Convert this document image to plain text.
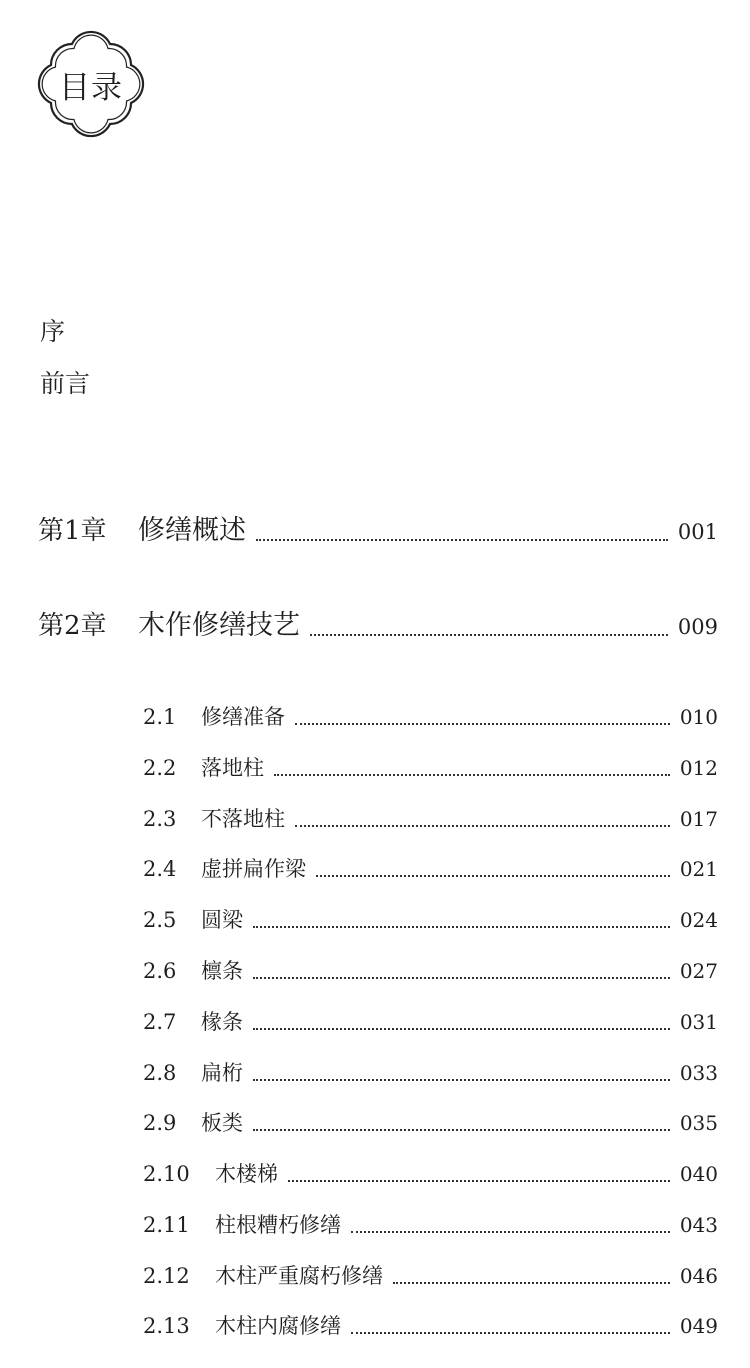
目录
序
前言
第1章	修缮概述	001
第2章	木作修缮技艺	009
2.1	修缮准备	010
2.2	落地柱	012
2.3	不落地柱	017
2.4	虚拼扁作梁	021
2.5	圆梁	024
2.6	檩条	027
2.7	椽条	031
2.8	扁桁	033
2.9	板类	035
2.10	木楼梯	040
2.11	柱根糟朽修缮	043
2.12	木柱严重腐朽修缮	046
2.13	木柱内腐修缮	049
